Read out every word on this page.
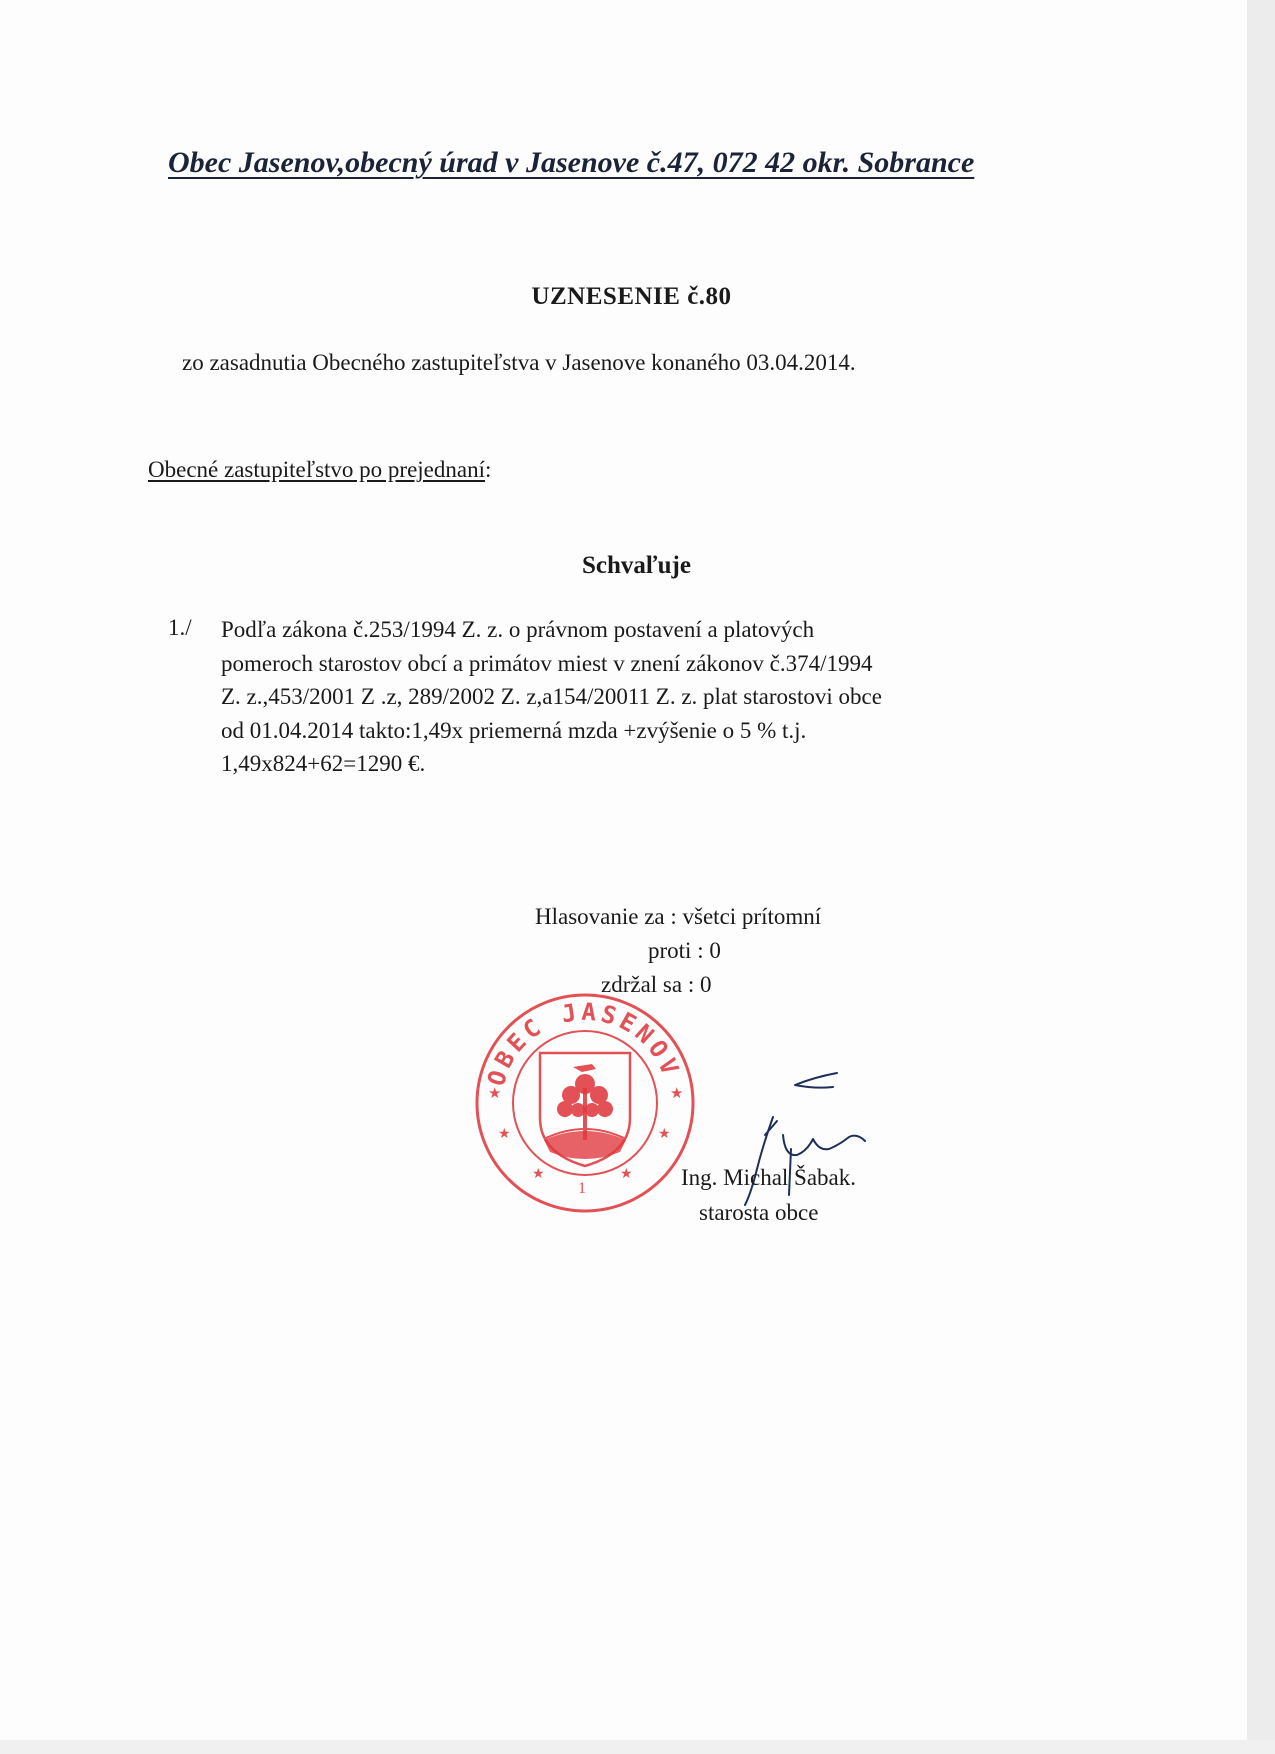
Obec Jasenov,obecný úrad v Jasenove č.47, 072 42 okr. Sobrance
UZNESENIE č.80
zo zasadnutia Obecného zastupiteľstva v Jasenove konaného 03.04.2014.
Obecné zastupiteľstvo po prejednaní:
Schvaľuje
1./ Podľa zákona č.253/1994 Z. z. o právnom postavení a platových
pomeroch starostov obcí a primátov miest v znení zákonov č.374/1994
Z. z.,453/2001 Z .z, 289/2002 Z. z,a154/20011 Z. z. plat starostovi obce
od 01.04.2014 takto:1,49x priemerná mzda +zvýšenie o 5 % t.j.
1,49x824+62=1290 €.
Hlasovanie za : všetci prítomní
proti : 0
zdržal sa : 0
OBEC JASENOV
★	★
★	★
★	★
1	Ing. Michal Šabak.
starosta obce
